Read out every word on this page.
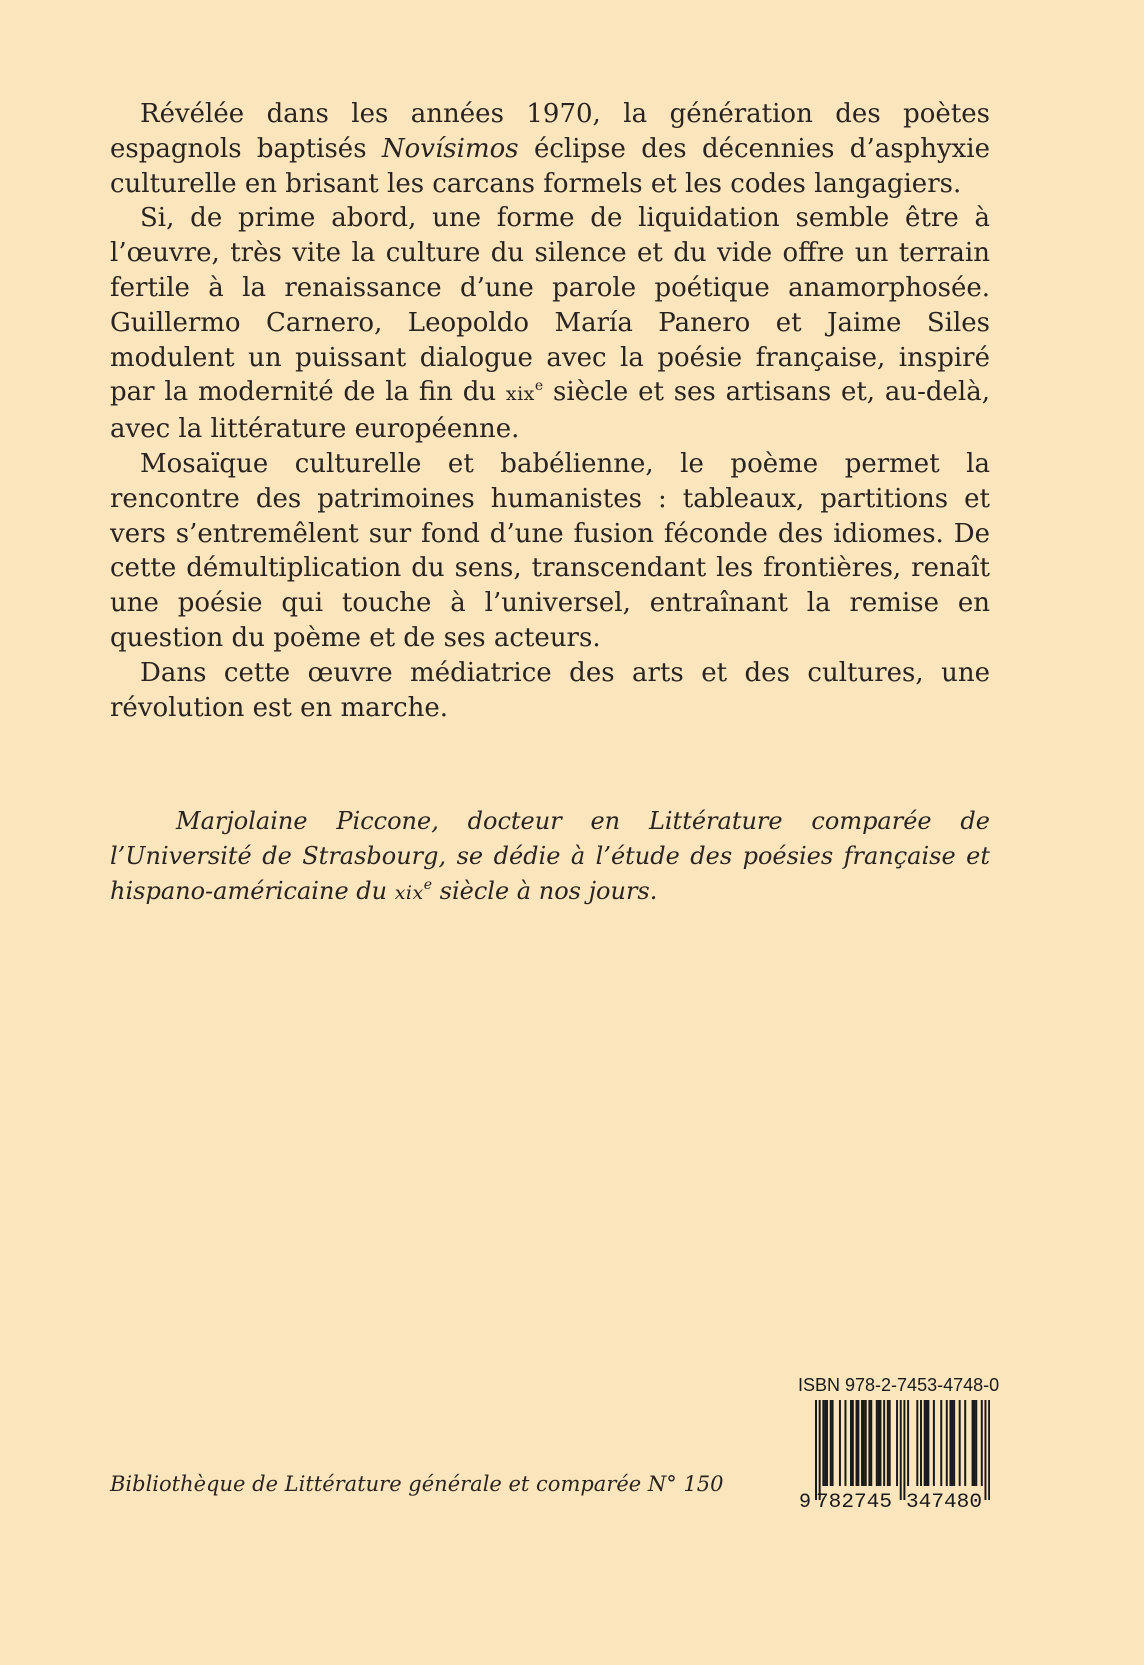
Révélée dans les années 1970, la génération des poètes espagnols baptisés Novísimos éclipse des décennies d’asphyxie culturelle en brisant les carcans formels et les codes langagiers.

Si, de prime abord, une forme de liquidation semble être à l’œuvre, très vite la culture du silence et du vide offre un terrain fertile à la renaissance d’une parole poétique anamorphosée. Guillermo Carnero, Leopoldo María Panero et Jaime Siles modulent un puissant dialogue avec la poésie française, inspiré par la modernité de la fin du xix$^e$ siècle et ses artisans et, au-delà, avec la littérature européenne.

Mosaïque culturelle et babélienne, le poème permet la rencontre des patrimoines humanistes : tableaux, partitions et vers s’entremêlent sur fond d’une fusion féconde des idiomes. De cette démultiplication du sens, transcendant les frontières, renaît une poésie qui touche à l’universel, entraînant la remise en question du poème et de ses acteurs.

Dans cette œuvre médiatrice des arts et des cultures, une révolution est en marche.

Marjolaine Piccone, docteur en Littérature comparée de l’Université de Strasbourg, se dédie à l’étude des poésies française et hispano-américaine du xix$^e$ siècle à nos jours.

Bibliothèque de Littérature générale et comparée N° 150
ISBN 978-2-7453-4748-0
9 782745 347480
